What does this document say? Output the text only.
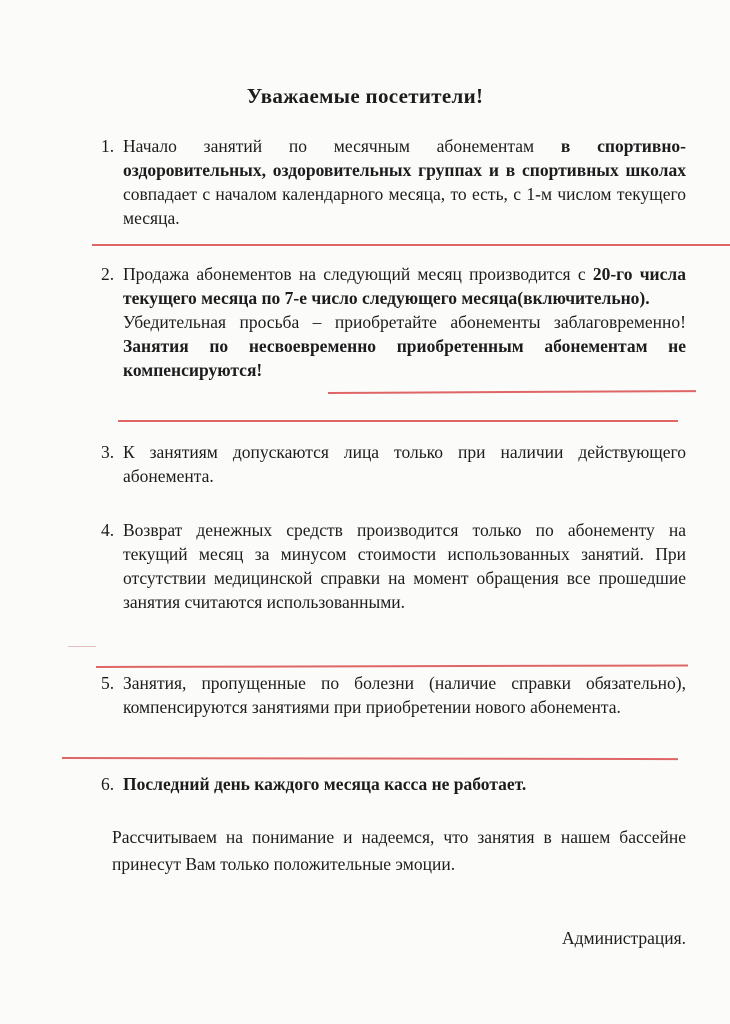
Уважаемые посетители!
1. Начало занятий по месячным абонементам в спортивно-оздоровительных, оздоровительных группах и в спортивных школах совпадает с началом календарного месяца, то есть, с 1-м числом текущего месяца.
2. Продажа абонементов на следующий месяц производится с 20-го числа текущего месяца по 7-е число следующего месяца(включительно).
Убедительная просьба – приобретайте абонементы заблаговременно! Занятия по несвоевременно приобретенным абонементам не компенсируются!
3. К занятиям допускаются лица только при наличии действующего абонемента.
4. Возврат денежных средств производится только по абонементу на текущий месяц за минусом стоимости использованных занятий. При отсутствии медицинской справки на момент обращения все прошедшие занятия считаются использованными.
5. Занятия, пропущенные по болезни (наличие справки обязательно), компенсируются занятиями при приобретении нового абонемента.
6. Последний день каждого месяца касса не работает.
Рассчитываем на понимание и надеемся, что занятия в нашем бассейне принесут Вам только положительные эмоции.
Администрация.
